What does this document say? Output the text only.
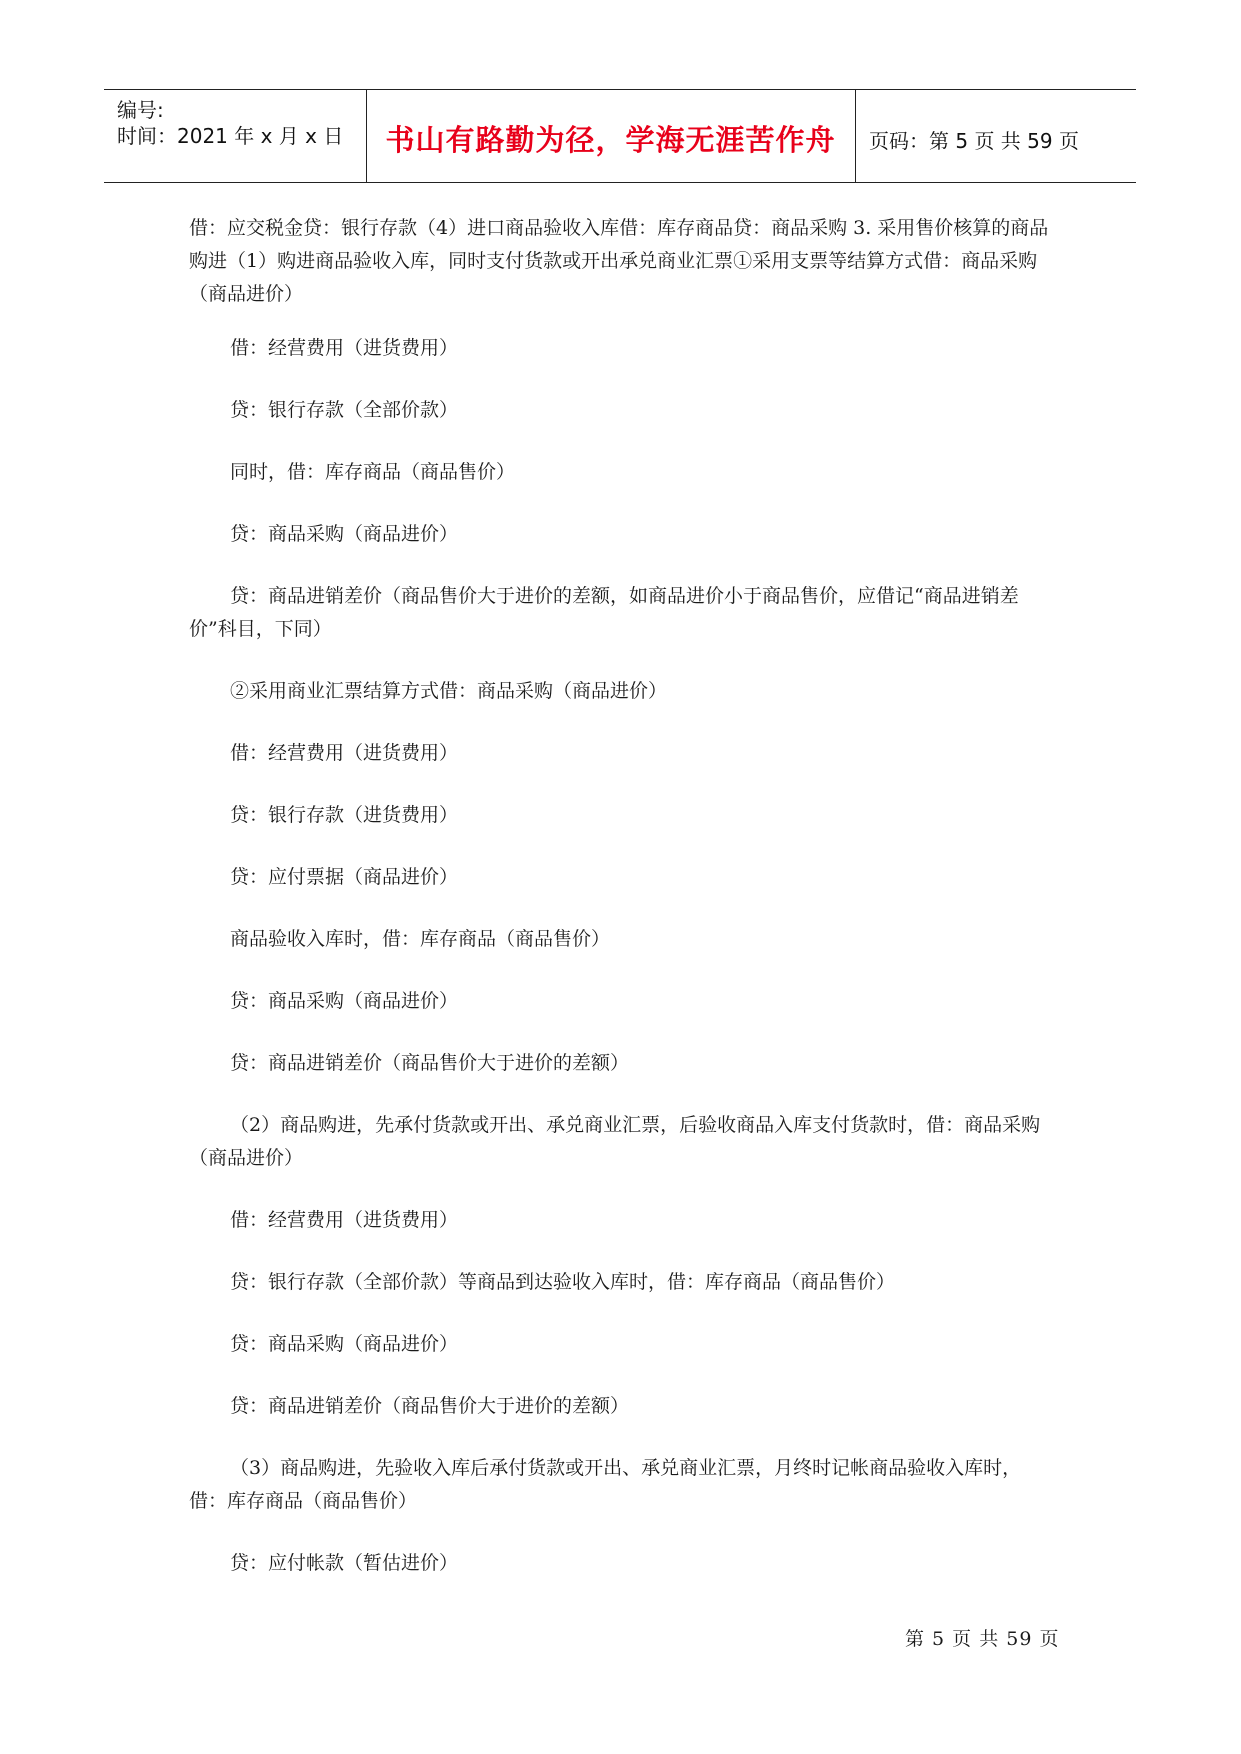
编号:
时间：2021 年 x 月 x 日	书山有路勤为径，学海无涯苦作舟	页码：第 5 页 共 59 页

借：应交税金贷：银行存款（4）进口商品验收入库借：库存商品贷：商品采购 3. 采用售价核算的商品购进（1）购进商品验收入库，同时支付货款或开出承兑商业汇票①采用支票等结算方式借：商品采购（商品进价）

借：经营费用（进货费用）

贷：银行存款（全部价款）

同时，借：库存商品（商品售价）

贷：商品采购（商品进价）

贷：商品进销差价（商品售价大于进价的差额，如商品进价小于商品售价，应借记“商品进销差价”科目，下同）

②采用商业汇票结算方式借：商品采购（商品进价）

借：经营费用（进货费用）

贷：银行存款（进货费用）

贷：应付票据（商品进价）

商品验收入库时，借：库存商品（商品售价）

贷：商品采购（商品进价）

贷：商品进销差价（商品售价大于进价的差额）

（2）商品购进，先承付货款或开出、承兑商业汇票，后验收商品入库支付货款时，借：商品采购（商品进价）

借：经营费用（进货费用）

贷：银行存款（全部价款）等商品到达验收入库时，借：库存商品（商品售价）

贷：商品采购（商品进价）

贷：商品进销差价（商品售价大于进价的差额）

（3）商品购进，先验收入库后承付货款或开出、承兑商业汇票，月终时记帐商品验收入库时，借：库存商品（商品售价）

贷：应付帐款（暂估进价）

第 5 页 共 59 页
